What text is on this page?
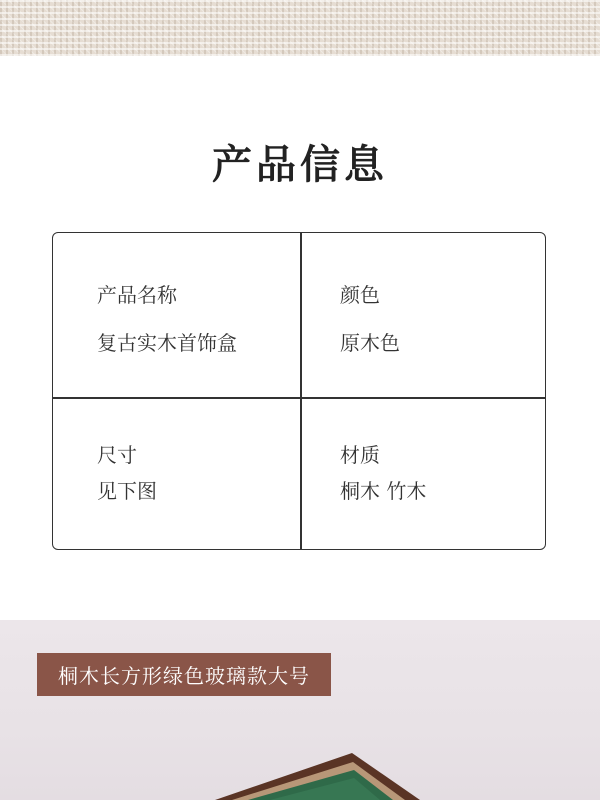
产品信息
产品名称
复古实木首饰盒
颜色
原木色
尺寸
见下图
材质
桐木 竹木
桐木长方形绿色玻璃款大号
